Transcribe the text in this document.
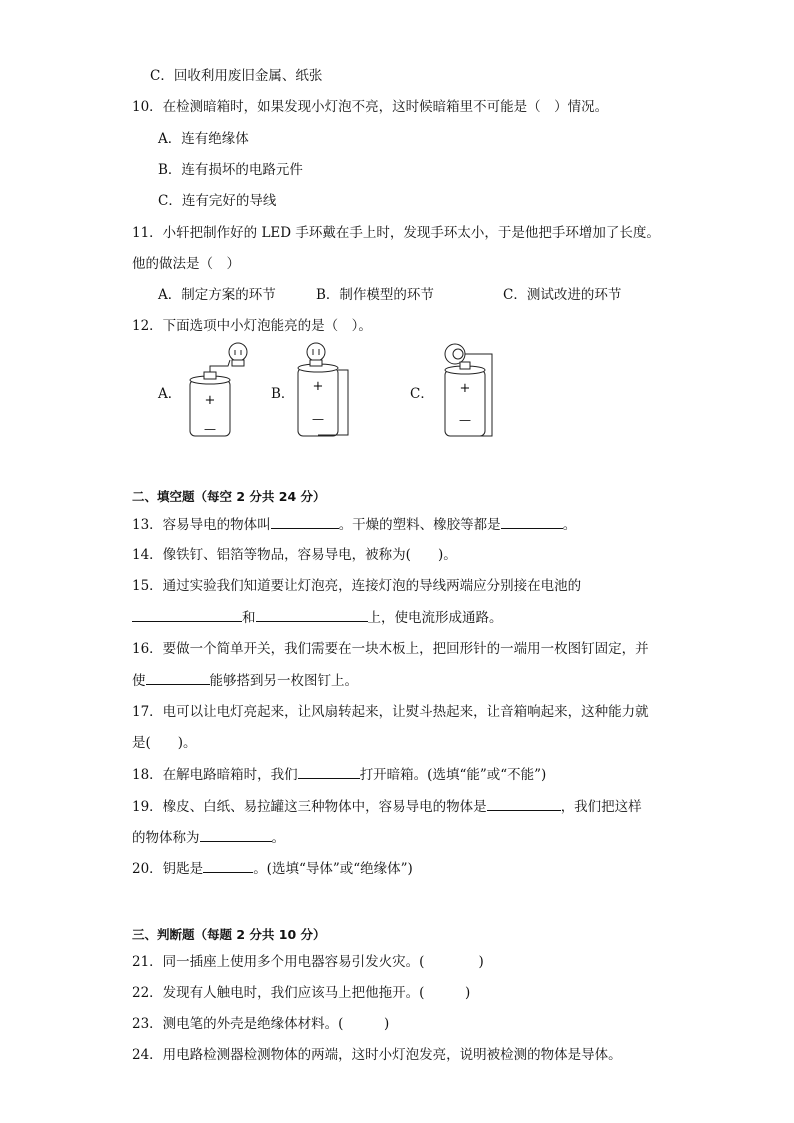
C．回收利用废旧金属、纸张
10．在检测暗箱时，如果发现小灯泡不亮，这时候暗箱里不可能是（　）情况。
A．连有绝缘体
B．连有损坏的电路元件
C．连有完好的导线
11．小轩把制作好的 LED 手环戴在手上时，发现手环太小，于是他把手环增加了长度。
他的做法是（　）
A．制定方案的环节	B．制作模型的环节	C．测试改进的环节
12．下面选项中小灯泡能亮的是（　）。
A．	B．	C．
+
—
+
—
+
—
二、填空题（每空 2 分共 24 分）
13．容易导电的物体叫	。干燥的塑料、橡胶等都是	。
14．像铁钉、铝箔等物品，容易导电，被称为(　　)。
15．通过实验我们知道要让灯泡亮，连接灯泡的导线两端应分别接在电池的
和	上，使电流形成通路。
16．要做一个简单开关，我们需要在一块木板上，把回形针的一端用一枚图钉固定，并
使	能够搭到另一枚图钉上。
17．电可以让电灯亮起来，让风扇转起来，让熨斗热起来，让音箱响起来，这种能力就
是(　　)。
18．在解电路暗箱时，我们	打开暗箱。(选填“能”或“不能”)
19．橡皮、白纸、易拉罐这三种物体中，容易导电的物体是	，我们把这样
的物体称为	。
20．钥匙是	。(选填“导体”或“绝缘体”)
三、判断题（每题 2 分共 10 分）
21．同一插座上使用多个用电器容易引发火灾。(　　　　)
22．发现有人触电时，我们应该马上把他拖开。(　　　)
23．测电笔的外壳是绝缘体材料。(　　　)
24．用电路检测器检测物体的两端，这时小灯泡发亮，说明被检测的物体是导体。
